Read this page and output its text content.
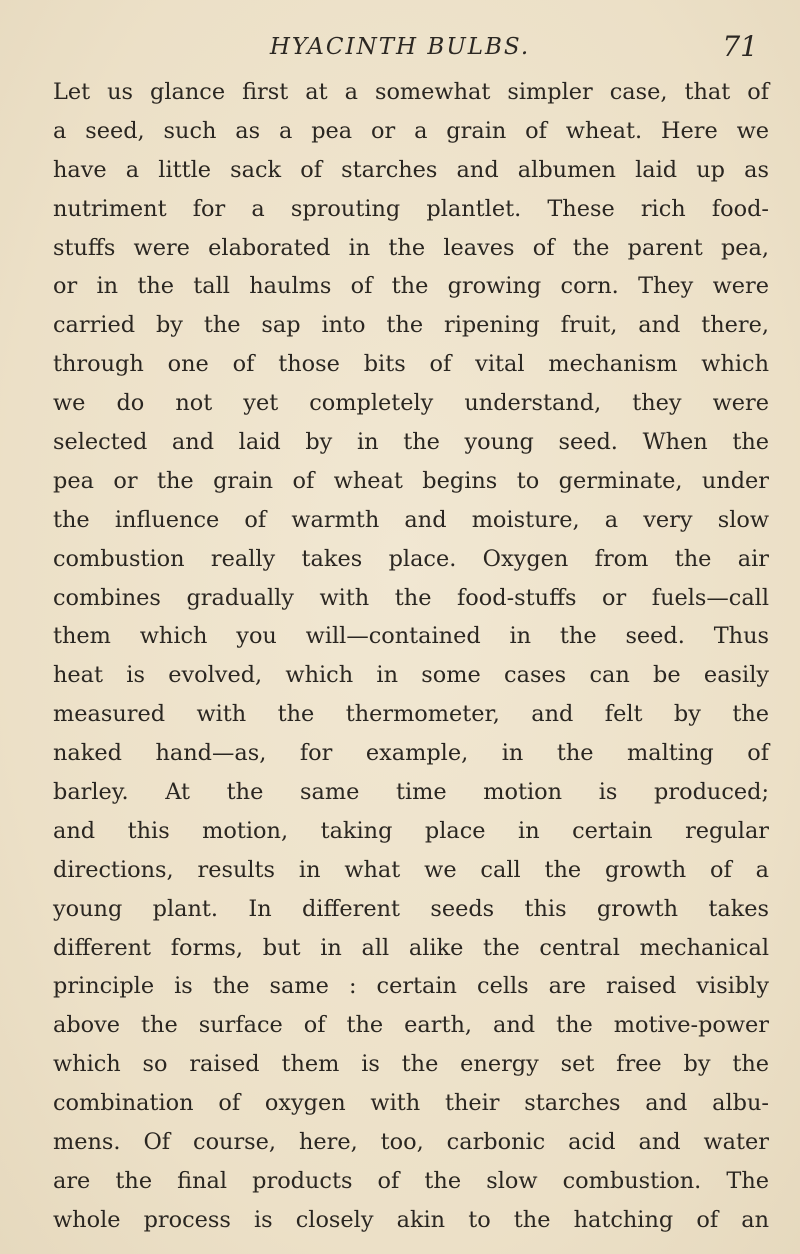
HYACINTH BULBS.	71
Let us glance first at a somewhat simpler case, that of
a seed, such as a pea or a grain of wheat. Here we
have a little sack of starches and albumen laid up as
nutriment for a sprouting plantlet. These rich food-
stuffs were elaborated in the leaves of the parent pea,
or in the tall haulms of the growing corn. They were
carried by the sap into the ripening fruit, and there,
through one of those bits of vital mechanism which
we do not yet completely understand, they were
selected and laid by in the young seed. When the
pea or the grain of wheat begins to germinate, under
the influence of warmth and moisture, a very slow
combustion really takes place. Oxygen from the air
combines gradually with the food-stuffs or fuels—call
them which you will—contained in the seed. Thus
heat is evolved, which in some cases can be easily
measured with the thermometer, and felt by the
naked hand—as, for example, in the malting of
barley. At the same time motion is produced;
and this motion, taking place in certain regular
directions, results in what we call the growth of a
young plant. In different seeds this growth takes
different forms, but in all alike the central mechanical
principle is the same : certain cells are raised visibly
above the surface of the earth, and the motive-power
which so raised them is the energy set free by the
combination of oxygen with their starches and albu-
mens. Of course, here, too, carbonic acid and water
are the final products of the slow combustion. The
whole process is closely akin to the hatching of an
